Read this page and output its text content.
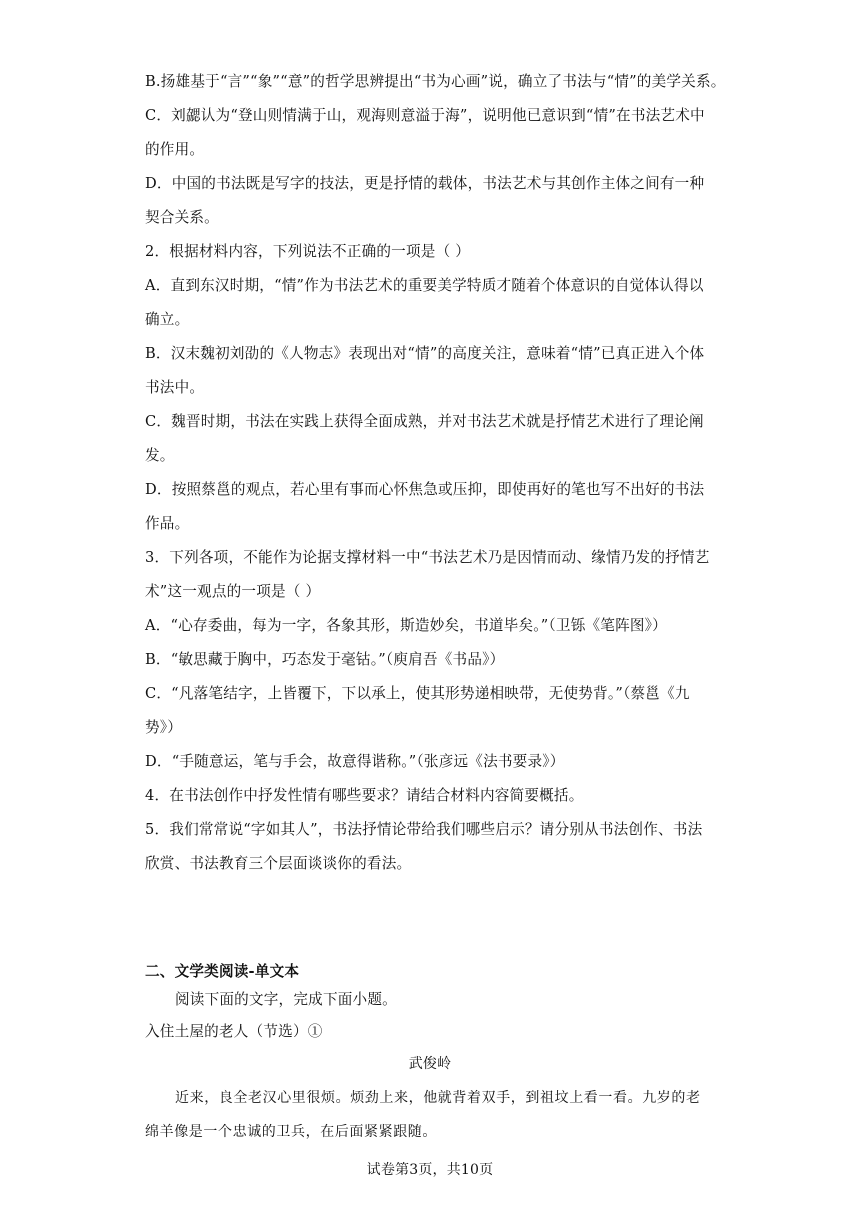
B.扬雄基于“言”“象”“意”的哲学思辨提出“书为心画”说，确立了书法与“情”的美学关系。
C．刘勰认为“登山则情满于山，观海则意溢于海”，说明他已意识到“情”在书法艺术中
的作用。
D．中国的书法既是写字的技法，更是抒情的载体，书法艺术与其创作主体之间有一种
契合关系。
2．根据材料内容，下列说法不正确的一项是（ ）
A．直到东汉时期，“情”作为书法艺术的重要美学特质才随着个体意识的自觉体认得以
确立。
B．汉末魏初刘劭的《人物志》表现出对“情”的高度关注，意味着“情”已真正进入个体
书法中。
C．魏晋时期，书法在实践上获得全面成熟，并对书法艺术就是抒情艺术进行了理论阐
发。
D．按照蔡邕的观点，若心里有事而心怀焦急或压抑，即使再好的笔也写不出好的书法
作品。
3．下列各项，不能作为论据支撑材料一中“书法艺术乃是因情而动、缘情乃发的抒情艺
术”这一观点的一项是（ ）
A．“心存委曲，每为一字，各象其形，斯造妙矣，书道毕矣。”（卫铄《笔阵图》）
B．“敏思藏于胸中，巧态发于毫钴。”（庾肩吾《书品》）
C．“凡落笔结字，上皆覆下，下以承上，使其形势递相映带，无使势背。”（蔡邕《九
势》）
D．“手随意运，笔与手会，故意得谐称。”（张彦远《法书要录》）
4．在书法创作中抒发性情有哪些要求？请结合材料内容简要概括。
5．我们常常说“字如其人”，书法抒情论带给我们哪些启示？请分别从书法创作、书法
欣赏、书法教育三个层面谈谈你的看法。
二、文学类阅读-单文本
阅读下面的文字，完成下面小题。
入住土屋的老人（节选）①
武俊岭
近来，良全老汉心里很烦。烦劲上来，他就背着双手，到祖坟上看一看。九岁的老
绵羊像是一个忠诚的卫兵，在后面紧紧跟随。
试卷第3页，共10页
